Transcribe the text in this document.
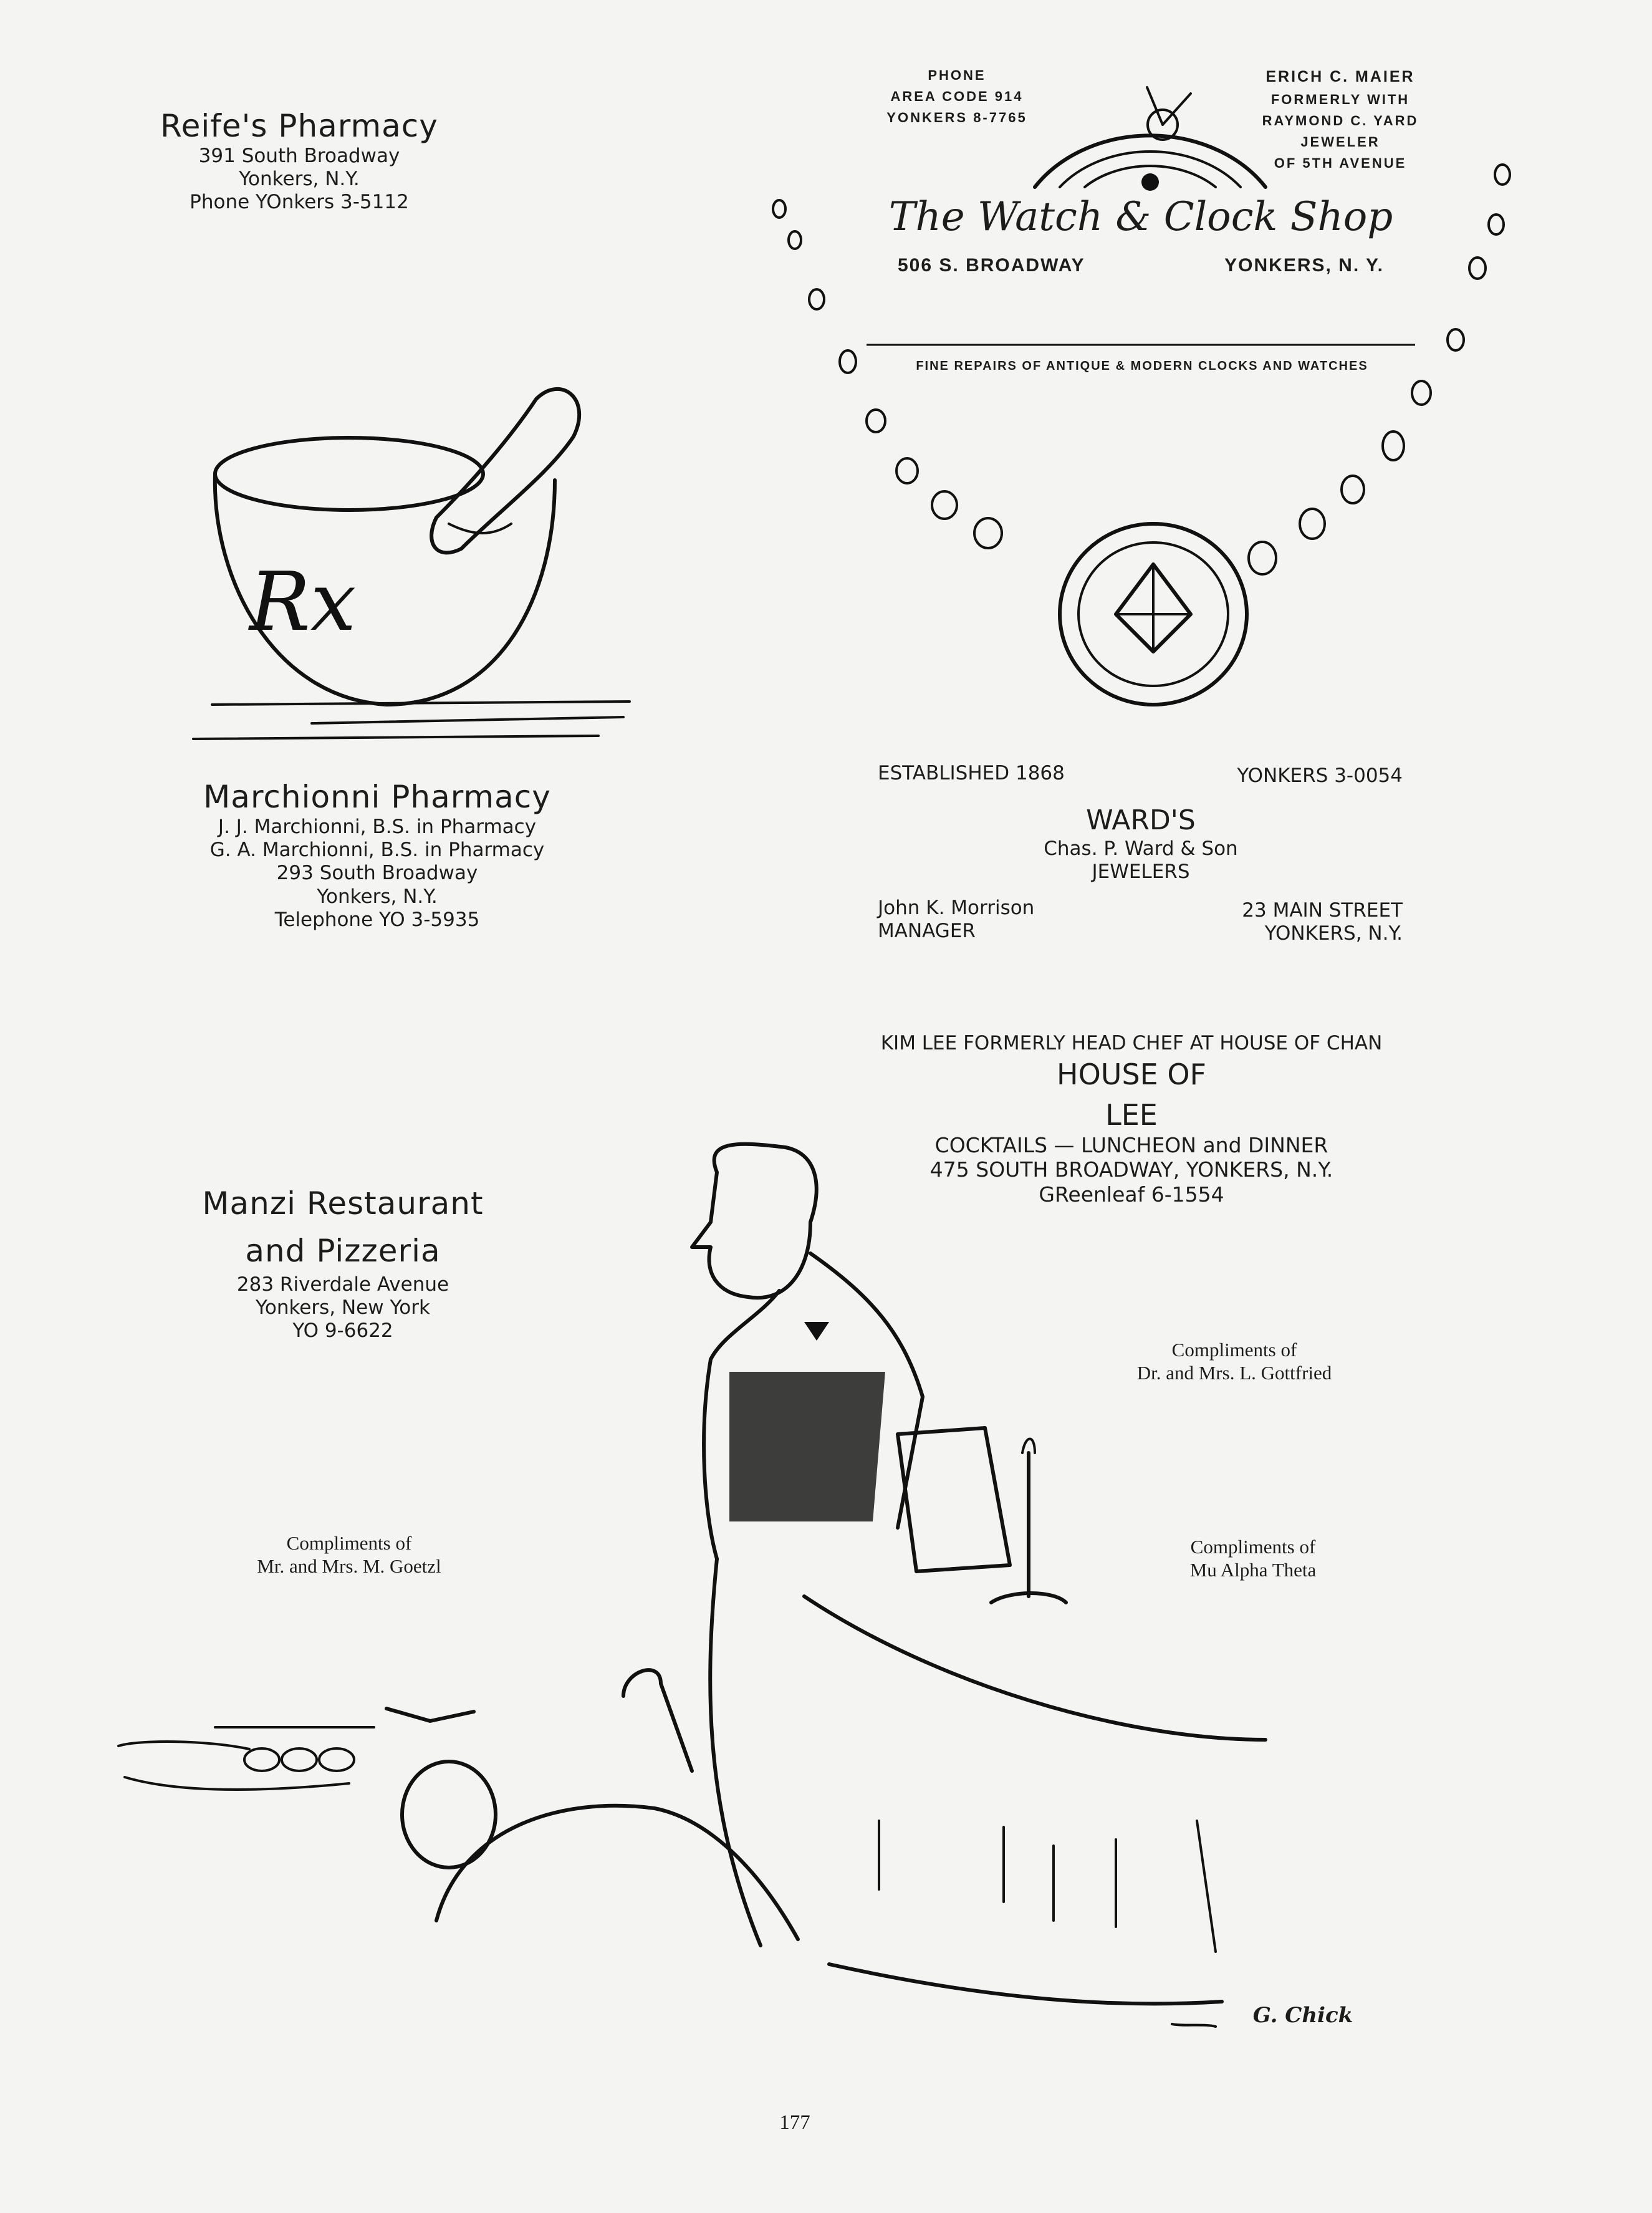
Rx
Reife's Pharmacy
391 South Broadway
Yonkers, N.Y.
Phone YOnkers 3-5112
PHONE
AREA CODE 914
YONKERS 8-7765
ERICH C. MAIER
FORMERLY WITH
RAYMOND C. YARD
JEWELER
OF 5TH AVENUE
The Watch & Clock Shop
506 S. BROADWAY	YONKERS, N. Y.
FINE REPAIRS OF ANTIQUE & MODERN CLOCKS AND WATCHES
Marchionni Pharmacy
J. J. Marchionni, B.S. in Pharmacy
G. A. Marchionni, B.S. in Pharmacy
293 South Broadway
Yonkers, N.Y.
Telephone YO 3-5935
ESTABLISHED 1868	YONKERS 3-0054
WARD'S
Chas. P. Ward & Son
JEWELERS
John K. Morrison
MANAGER
23 MAIN STREET
YONKERS, N.Y.
KIM LEE FORMERLY HEAD CHEF AT HOUSE OF CHAN
HOUSE OF
LEE
COCKTAILS — LUNCHEON and DINNER
475 SOUTH BROADWAY, YONKERS, N.Y.
GReenleaf 6-1554
Manzi Restaurant
and Pizzeria
283 Riverdale Avenue
Yonkers, New York
YO 9-6622
Compliments of
Dr. and Mrs. L. Gottfried
Compliments of
Mr. and Mrs. M. Goetzl
Compliments of
Mu Alpha Theta
G. Chick
177
